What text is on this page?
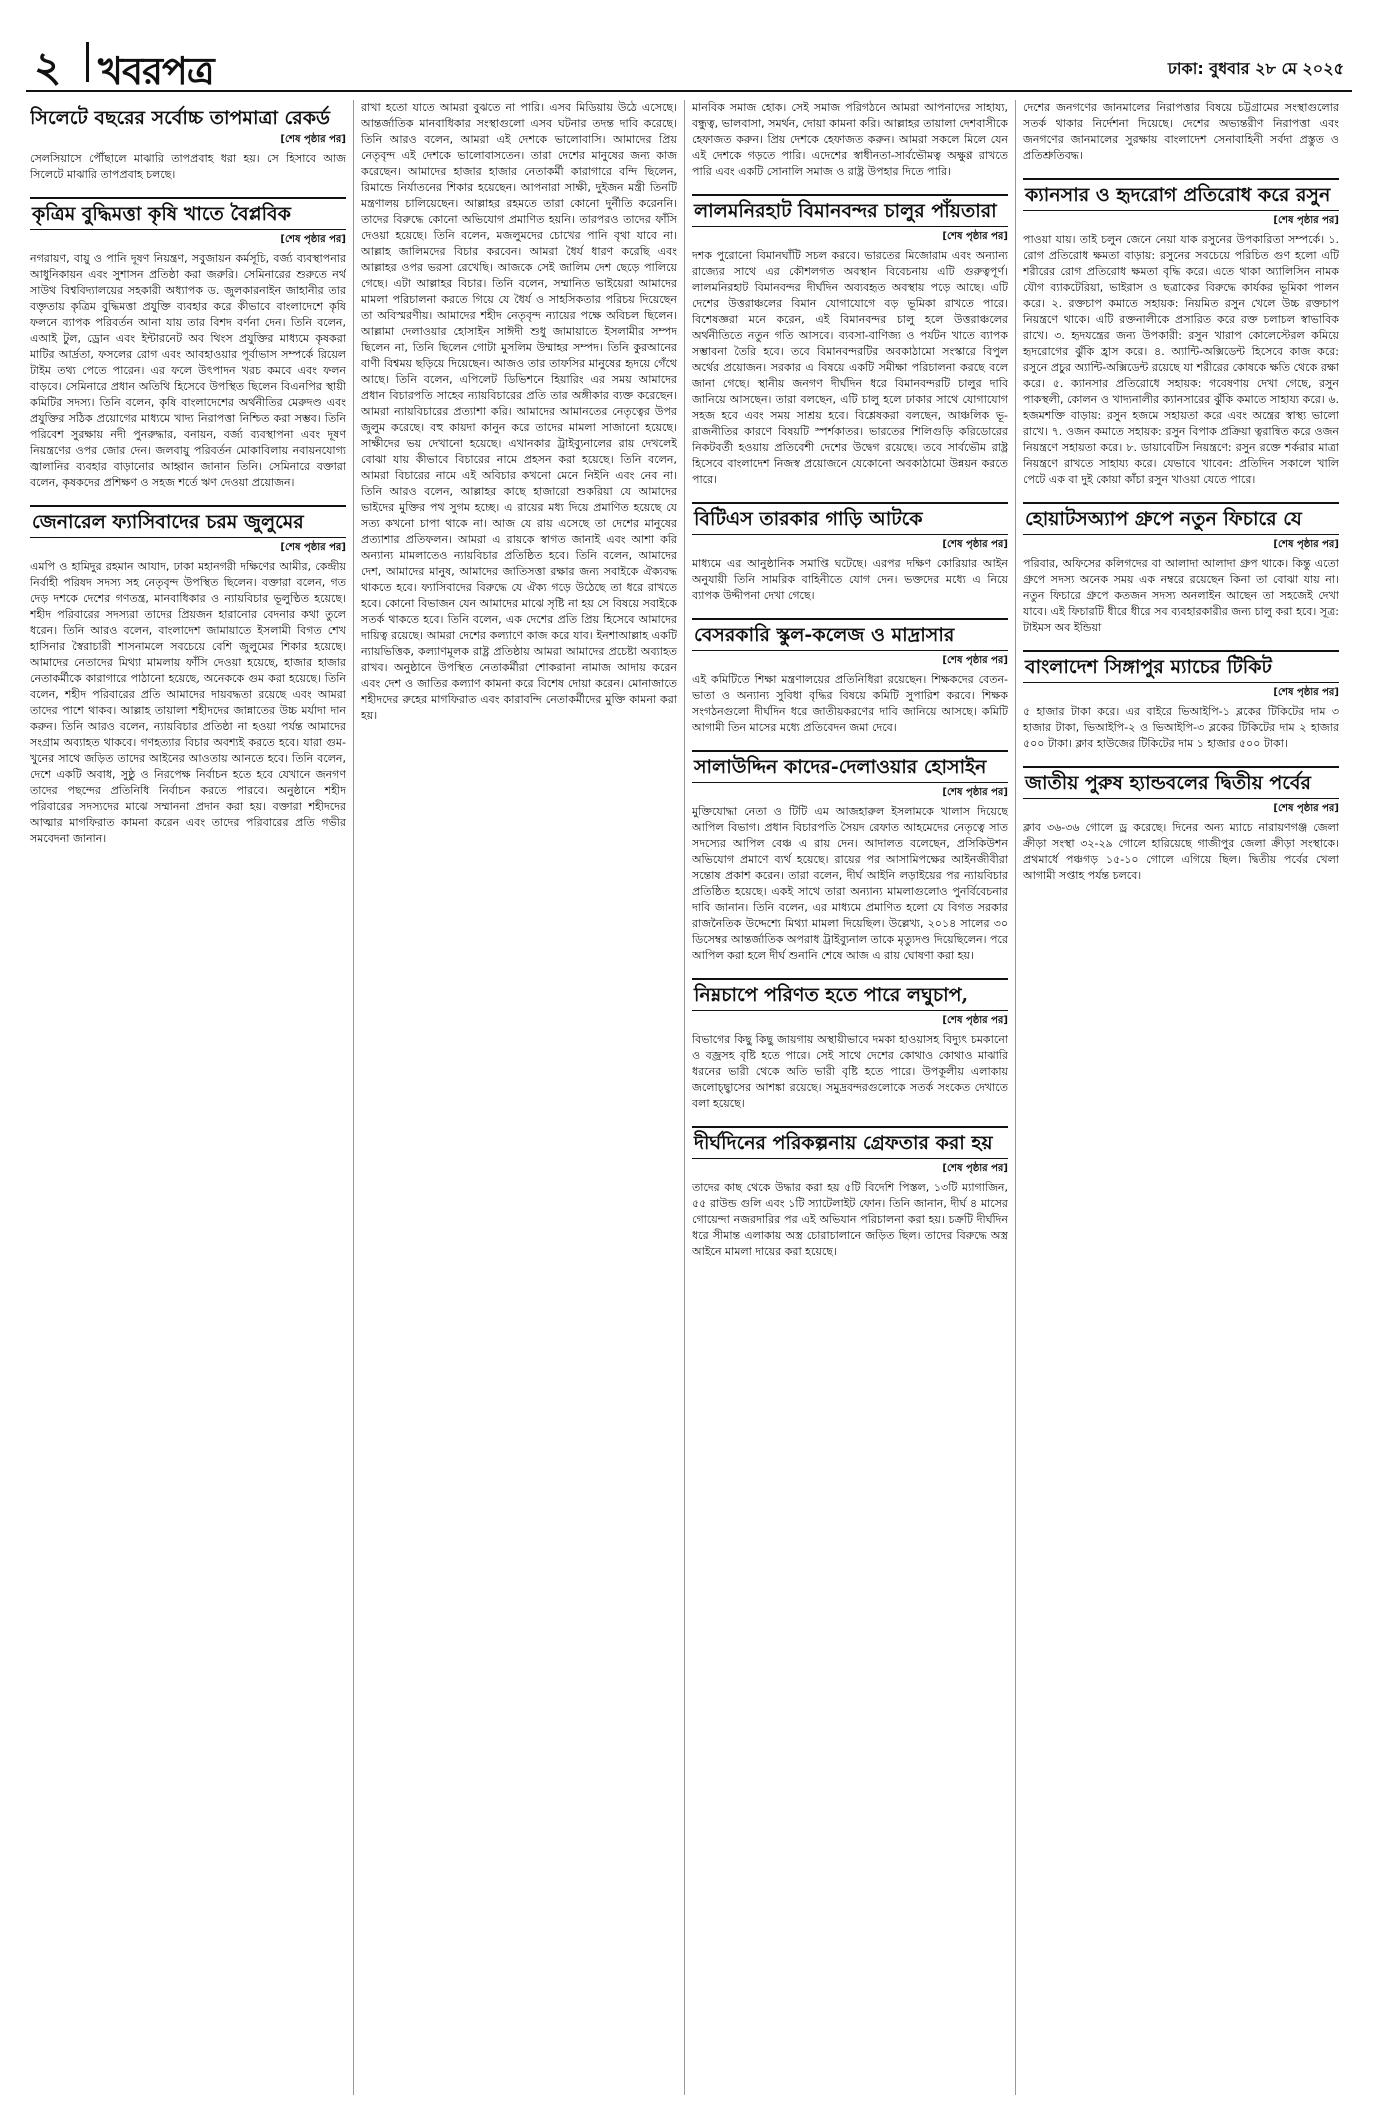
২ খবরপত্র	ঢাকা: বুধবার ২৮ মে ২০২৫
সিলেটে বছরের সর্বোচ্চ তাপমাত্রা রেকর্ড
[শেষ পৃষ্ঠার পর]
সেলসিয়াসে পৌঁছালে মাঝারি তাপপ্রবাহ ধরা হয়। সে হিসাবে আজ সিলেটে মাঝারি তাপপ্রবাহ চলছে।
কৃত্রিম বুদ্ধিমত্তা কৃষি খাতে বৈপ্লবিক
[শেষ পৃষ্ঠার পর]
নগরায়ণ, বায়ু ও পানি দূষণ নিয়ন্ত্রণ, সবুজায়ন কর্মসূচি, বর্জ্য ব্যবস্থাপনার আধুনিকায়ন এবং সুশাসন প্রতিষ্ঠা করা জরুরি। সেমিনারের শুরুতে নর্থ সাউথ বিশ্ববিদ্যালয়ের সহকারী অধ্যাপক ড. জুলকারনাইন জাহানীর তার বক্তৃতায় কৃত্রিম বুদ্ধিমত্তা প্রযুক্তি ব্যবহার করে কীভাবে বাংলাদেশে কৃষি ফলনে ব্যাপক পরিবর্তন আনা যায় তার বিশদ বর্ণনা দেন। তিনি বলেন, এআই টুল, ড্রোন এবং ইন্টারনেট অব থিংস প্রযুক্তির মাধ্যমে কৃষকরা মাটির আর্দ্রতা, ফসলের রোগ এবং আবহাওয়ার পূর্বাভাস সম্পর্কে রিয়েল টাইম তথ্য পেতে পারেন। এর ফলে উৎপাদন খরচ কমবে এবং ফলন বাড়বে। সেমিনারে প্রধান অতিথি হিসেবে উপস্থিত ছিলেন বিএনপির স্থায়ী কমিটির সদস্য। তিনি বলেন, কৃষি বাংলাদেশের অর্থনীতির মেরুদণ্ড এবং প্রযুক্তির সঠিক প্রয়োগের মাধ্যমে খাদ্য নিরাপত্তা নিশ্চিত করা সম্ভব। তিনি পরিবেশ সুরক্ষায় নদী পুনরুদ্ধার, বনায়ন, বর্জ্য ব্যবস্থাপনা এবং দূষণ নিয়ন্ত্রণের ওপর জোর দেন। জলবায়ু পরিবর্তন মোকাবিলায় নবায়নযোগ্য জ্বালানির ব্যবহার বাড়ানোর আহ্বান জানান তিনি। সেমিনারে বক্তারা বলেন, কৃষকদের প্রশিক্ষণ ও সহজ শর্তে ঋণ দেওয়া প্রয়োজন।
জেনারেল ফ্যাসিবাদের চরম জুলুমের
[শেষ পৃষ্ঠার পর]
এমপি ও হামিদুর রহমান আযাদ, ঢাকা মহানগরী দক্ষিণের আমীর, কেন্দ্রীয় নির্বাহী পরিষদ সদস্য সহ নেতৃবৃন্দ উপস্থিত ছিলেন। বক্তারা বলেন, গত দেড় দশকে দেশের গণতন্ত্র, মানবাধিকার ও ন্যায়বিচার ভূলুণ্ঠিত হয়েছে। শহীদ পরিবারের সদস্যরা তাদের প্রিয়জন হারানোর বেদনার কথা তুলে ধরেন। তিনি আরও বলেন, বাংলাদেশ জামায়াতে ইসলামী বিগত শেখ হাসিনার স্বৈরাচারী শাসনামলে সবচেয়ে বেশি জুলুমের শিকার হয়েছে। আমাদের নেতাদের মিথ্যা মামলায় ফাঁসি দেওয়া হয়েছে, হাজার হাজার নেতাকর্মীকে কারাগারে পাঠানো হয়েছে, অনেককে গুম করা হয়েছে। তিনি বলেন, শহীদ পরিবারের প্রতি আমাদের দায়বদ্ধতা রয়েছে এবং আমরা তাদের পাশে থাকব। আল্লাহ তায়ালা শহীদদের জান্নাতের উচ্চ মর্যাদা দান করুন। তিনি আরও বলেন, ন্যায়বিচার প্রতিষ্ঠা না হওয়া পর্যন্ত আমাদের সংগ্রাম অব্যাহত থাকবে। গণহত্যার বিচার অবশ্যই করতে হবে। যারা গুম-খুনের সাথে জড়িত তাদের আইনের আওতায় আনতে হবে। তিনি বলেন, দেশে একটি অবাধ, সুষ্ঠু ও নিরপেক্ষ নির্বাচন হতে হবে যেখানে জনগণ তাদের পছন্দের প্রতিনিধি নির্বাচন করতে পারবে। অনুষ্ঠানে শহীদ পরিবারের সদস্যদের মাঝে সম্মাননা প্রদান করা হয়। বক্তারা শহীদদের আত্মার মাগফিরাত কামনা করেন এবং তাদের পরিবারের প্রতি গভীর সমবেদনা জানান।
রাখা হতো যাতে আমরা বুঝতে না পারি। এসব মিডিয়ায় উঠে এসেছে। আন্তর্জাতিক মানবাধিকার সংস্থাগুলো এসব ঘটনার তদন্ত দাবি করেছে। তিনি আরও বলেন, আমরা এই দেশকে ভালোবাসি। আমাদের প্রিয় নেতৃবৃন্দ এই দেশকে ভালোবাসতেন। তারা দেশের মানুষের জন্য কাজ করেছেন। আমাদের হাজার হাজার নেতাকর্মী কারাগারে বন্দি ছিলেন, রিমান্ডে নির্যাতনের শিকার হয়েছেন। আপনারা সাক্ষী, দুইজন মন্ত্রী তিনটি মন্ত্রণালয় চালিয়েছেন। আল্লাহর রহমতে তারা কোনো দুর্নীতি করেননি। তাদের বিরুদ্ধে কোনো অভিযোগ প্রমাণিত হয়নি। তারপরও তাদের ফাঁসি দেওয়া হয়েছে। তিনি বলেন, মজলুমদের চোখের পানি বৃথা যাবে না। আল্লাহ জালিমদের বিচার করবেন। আমরা ধৈর্য ধারণ করেছি এবং আল্লাহর ওপর ভরসা রেখেছি। আজকে সেই জালিম দেশ ছেড়ে পালিয়ে গেছে। এটা আল্লাহর বিচার। তিনি বলেন, সম্মানিত ভাইয়েরা আমাদের মামলা পরিচালনা করতে গিয়ে যে ধৈর্য ও সাহসিকতার পরিচয় দিয়েছেন তা অবিস্মরণীয়। আমাদের শহীদ নেতৃবৃন্দ ন্যায়ের পক্ষে অবিচল ছিলেন। আল্লামা দেলাওয়ার হোসাইন সাঈদী শুধু জামায়াতে ইসলামীর সম্পদ ছিলেন না, তিনি ছিলেন গোটা মুসলিম উম্মাহর সম্পদ। তিনি কুরআনের বাণী বিশ্বময় ছড়িয়ে দিয়েছেন। আজও তার তাফসির মানুষের হৃদয়ে গেঁথে আছে। তিনি বলেন, এপিলেট ডিভিশনে হিয়ারিং এর সময় আমাদের প্রধান বিচারপতি সাহেব ন্যায়বিচারের প্রতি তার অঙ্গীকার ব্যক্ত করেছেন। আমরা ন্যায়বিচারের প্রত্যাশা করি। আমাদের আমানতের নেতৃত্বের উপর জুলুম করেছে। বহু কায়দা কানুন করে তাদের মামলা সাজানো হয়েছে। সাক্ষীদের ভয় দেখানো হয়েছে। এখানকার ট্রাইব্যুনালের রায় দেখলেই বোঝা যায় কীভাবে বিচারের নামে প্রহসন করা হয়েছে। তিনি বলেন, আমরা বিচারের নামে এই অবিচার কখনো মেনে নিইনি এবং নেব না। তিনি আরও বলেন, আল্লাহর কাছে হাজারো শুকরিয়া যে আমাদের ভাইদের মুক্তির পথ সুগম হচ্ছে। এ রায়ের মধ্য দিয়ে প্রমাণিত হয়েছে যে সত্য কখনো চাপা থাকে না। আজ যে রায় এসেছে তা দেশের মানুষের প্রত্যাশার প্রতিফলন। আমরা এ রায়কে স্বাগত জানাই এবং আশা করি অন্যান্য মামলাতেও ন্যায়বিচার প্রতিষ্ঠিত হবে। তিনি বলেন, আমাদের দেশ, আমাদের মানুষ, আমাদের জাতিসত্তা রক্ষার জন্য সবাইকে ঐক্যবদ্ধ থাকতে হবে। ফ্যাসিবাদের বিরুদ্ধে যে ঐক্য গড়ে উঠেছে তা ধরে রাখতে হবে। কোনো বিভাজন যেন আমাদের মাঝে সৃষ্টি না হয় সে বিষয়ে সবাইকে সতর্ক থাকতে হবে। তিনি বলেন, এক দেশের প্রতি প্রিয় হিসেবে আমাদের দায়িত্ব রয়েছে। আমরা দেশের কল্যাণে কাজ করে যাব। ইনশাআল্লাহ একটি ন্যায়ভিত্তিক, কল্যাণমূলক রাষ্ট্র প্রতিষ্ঠায় আমরা আমাদের প্রচেষ্টা অব্যাহত রাখব। অনুষ্ঠানে উপস্থিত নেতাকর্মীরা শোকরানা নামাজ আদায় করেন এবং দেশ ও জাতির কল্যাণ কামনা করে বিশেষ দোয়া করেন। মোনাজাতে শহীদদের রুহের মাগফিরাত এবং কারাবন্দি নেতাকর্মীদের মুক্তি কামনা করা হয়।
মানবিক সমাজ হোক। সেই সমাজ পরিগঠনে আমরা আপনাদের সাহায্য, বন্ধুত্ব, ভালবাসা, সমর্থন, দোয়া কামনা করি। আল্লাহর তায়ালা দেশবাসীকে হেফাজত করুন। প্রিয় দেশকে হেফাজত করুন। আমরা সকলে মিলে যেন এই দেশকে গড়তে পারি। এদেশের স্বাধীনতা-সার্বভৌমত্ব অক্ষুণ্ণ রাখতে পারি এবং একটি সোনালি সমাজ ও রাষ্ট্র উপহার দিতে পারি।
লালমনিরহাট বিমানবন্দর চালুর পাঁয়তারা
[শেষ পৃষ্ঠার পর]
দশক পুরোনো বিমানঘাঁটি সচল করবে। ভারতের মিজোরাম এবং অন্যান্য রাজ্যের সাথে এর কৌশলগত অবস্থান বিবেচনায় এটি গুরুত্বপূর্ণ। লালমনিরহাট বিমানবন্দর দীর্ঘদিন অব্যবহৃত অবস্থায় পড়ে আছে। এটি দেশের উত্তরাঞ্চলের বিমান যোগাযোগে বড় ভূমিকা রাখতে পারে। বিশেষজ্ঞরা মনে করেন, এই বিমানবন্দর চালু হলে উত্তরাঞ্চলের অর্থনীতিতে নতুন গতি আসবে। ব্যবসা-বাণিজ্য ও পর্যটন খাতে ব্যাপক সম্ভাবনা তৈরি হবে। তবে বিমানবন্দরটির অবকাঠামো সংস্কারে বিপুল অর্থের প্রয়োজন। সরকার এ বিষয়ে একটি সমীক্ষা পরিচালনা করছে বলে জানা গেছে। স্থানীয় জনগণ দীর্ঘদিন ধরে বিমানবন্দরটি চালুর দাবি জানিয়ে আসছেন। তারা বলছেন, এটি চালু হলে ঢাকার সাথে যোগাযোগ সহজ হবে এবং সময় সাশ্রয় হবে। বিশ্লেষকরা বলছেন, আঞ্চলিক ভূ-রাজনীতির কারণে বিষয়টি স্পর্শকাতর। ভারতের শিলিগুড়ি করিডোরের নিকটবর্তী হওয়ায় প্রতিবেশী দেশের উদ্বেগ রয়েছে। তবে সার্বভৌম রাষ্ট্র হিসেবে বাংলাদেশ নিজস্ব প্রয়োজনে যেকোনো অবকাঠামো উন্নয়ন করতে পারে।
বিটিএস তারকার গাড়ি আটকে
[শেষ পৃষ্ঠার পর]
মাধ্যমে এর আনুষ্ঠানিক সমাপ্তি ঘটেছে। এরপর দক্ষিণ কোরিয়ার আইন অনুযায়ী তিনি সামরিক বাহিনীতে যোগ দেন। ভক্তদের মধ্যে এ নিয়ে ব্যাপক উদ্দীপনা দেখা গেছে।
বেসরকারি স্কুল-কলেজ ও মাদ্রাসার
[শেষ পৃষ্ঠার পর]
এই কমিটিতে শিক্ষা মন্ত্রণালয়ের প্রতিনিধিরা রয়েছেন। শিক্ষকদের বেতন-ভাতা ও অন্যান্য সুবিধা বৃদ্ধির বিষয়ে কমিটি সুপারিশ করবে। শিক্ষক সংগঠনগুলো দীর্ঘদিন ধরে জাতীয়করণের দাবি জানিয়ে আসছে। কমিটি আগামী তিন মাসের মধ্যে প্রতিবেদন জমা দেবে।
সালাউদ্দিন কাদের-দেলাওয়ার হোসাইন
[শেষ পৃষ্ঠার পর]
মুক্তিযোদ্ধা নেতা ও টিটি এম আজহারুল ইসলামকে খালাস দিয়েছে আপিল বিভাগ। প্রধান বিচারপতি সৈয়দ রেফাত আহমেদের নেতৃত্বে সাত সদস্যের আপিল বেঞ্চ এ রায় দেন। আদালত বলেছেন, প্রসিকিউশন অভিযোগ প্রমাণে ব্যর্থ হয়েছে। রায়ের পর আসামিপক্ষের আইনজীবীরা সন্তোষ প্রকাশ করেন। তারা বলেন, দীর্ঘ আইনি লড়াইয়ের পর ন্যায়বিচার প্রতিষ্ঠিত হয়েছে। একই সাথে তারা অন্যান্য মামলাগুলোও পুনর্বিবেচনার দাবি জানান। তিনি বলেন, এর মাধ্যমে প্রমাণিত হলো যে বিগত সরকার রাজনৈতিক উদ্দেশ্যে মিথ্যা মামলা দিয়েছিল। উল্লেখ্য, ২০১৪ সালের ৩০ ডিসেম্বর আন্তর্জাতিক অপরাধ ট্রাইব্যুনাল তাকে মৃত্যুদণ্ড দিয়েছিলেন। পরে আপিল করা হলে দীর্ঘ শুনানি শেষে আজ এ রায় ঘোষণা করা হয়।
নিম্নচাপে পরিণত হতে পারে লঘুচাপ,
[শেষ পৃষ্ঠার পর]
বিভাগের কিছু কিছু জায়গায় অস্থায়ীভাবে দমকা হাওয়াসহ বিদ্যুৎ চমকানো ও বজ্রসহ বৃষ্টি হতে পারে। সেই সাথে দেশের কোথাও কোথাও মাঝারি ধরনের ভারী থেকে অতি ভারী বৃষ্টি হতে পারে। উপকূলীয় এলাকায় জলোচ্ছ্বাসের আশঙ্কা রয়েছে। সমুদ্রবন্দরগুলোকে সতর্ক সংকেত দেখাতে বলা হয়েছে।
দীর্ঘদিনের পরিকল্পনায় গ্রেফতার করা হয়
[শেষ পৃষ্ঠার পর]
তাদের কাছ থেকে উদ্ধার করা হয় ৫টি বিদেশি পিস্তল, ১৩টি ম্যাগাজিন, ৫৫ রাউন্ড গুলি এবং ১টি স্যাটেলাইট ফোন। তিনি জানান, দীর্ঘ ৪ মাসের গোয়েন্দা নজরদারির পর এই অভিযান পরিচালনা করা হয়। চক্রটি দীর্ঘদিন ধরে সীমান্ত এলাকায় অস্ত্র চোরাচালানে জড়িত ছিল। তাদের বিরুদ্ধে অস্ত্র আইনে মামলা দায়ের করা হয়েছে।
দেশের জনগণের জানমালের নিরাপত্তার বিষয়ে চট্টগ্রামের সংস্থাগুলোর সতর্ক থাকার নির্দেশনা দিয়েছে। দেশের অভ্যন্তরীণ নিরাপত্তা এবং জনগণের জানমালের সুরক্ষায় বাংলাদেশ সেনাবাহিনী সর্বদা প্রস্তুত ও প্রতিশ্রুতিবদ্ধ।
ক্যানসার ও হৃদরোগ প্রতিরোধ করে রসুন
[শেষ পৃষ্ঠার পর]
পাওয়া যায়। তাই চলুন জেনে নেয়া যাক রসুনের উপকারিতা সম্পর্কে। ১. রোগ প্রতিরোধ ক্ষমতা বাড়ায়: রসুনের সবচেয়ে পরিচিত গুণ হলো এটি শরীরের রোগ প্রতিরোধ ক্ষমতা বৃদ্ধি করে। এতে থাকা অ্যালিসিন নামক যৌগ ব্যাকটেরিয়া, ভাইরাস ও ছত্রাকের বিরুদ্ধে কার্যকর ভূমিকা পালন করে। ২. রক্তচাপ কমাতে সহায়ক: নিয়মিত রসুন খেলে উচ্চ রক্তচাপ নিয়ন্ত্রণে থাকে। এটি রক্তনালীকে প্রসারিত করে রক্ত চলাচল স্বাভাবিক রাখে। ৩. হৃদযন্ত্রের জন্য উপকারী: রসুন খারাপ কোলেস্টেরল কমিয়ে হৃদরোগের ঝুঁকি হ্রাস করে। ৪. অ্যান্টি-অক্সিডেন্ট হিসেবে কাজ করে: রসুনে প্রচুর অ্যান্টি-অক্সিডেন্ট রয়েছে যা শরীরের কোষকে ক্ষতি থেকে রক্ষা করে। ৫. ক্যানসার প্রতিরোধে সহায়ক: গবেষণায় দেখা গেছে, রসুন পাকস্থলী, কোলন ও খাদ্যনালীর ক্যানসারের ঝুঁকি কমাতে সাহায্য করে। ৬. হজমশক্তি বাড়ায়: রসুন হজমে সহায়তা করে এবং অন্ত্রের স্বাস্থ্য ভালো রাখে। ৭. ওজন কমাতে সহায়ক: রসুন বিপাক প্রক্রিয়া ত্বরান্বিত করে ওজন নিয়ন্ত্রণে সহায়তা করে। ৮. ডায়াবেটিস নিয়ন্ত্রণে: রসুন রক্তে শর্করার মাত্রা নিয়ন্ত্রণে রাখতে সাহায্য করে। যেভাবে খাবেন: প্রতিদিন সকালে খালি পেটে এক বা দুই কোয়া কাঁচা রসুন খাওয়া যেতে পারে।
হোয়াটসঅ্যাপ গ্রুপে নতুন ফিচারে যে
[শেষ পৃষ্ঠার পর]
পরিবার, অফিসের কলিগদের বা আলাদা আলাদা গ্রুপ থাকে। কিন্তু এতো গ্রুপে সদস্য অনেক সময় এক নম্বরে রয়েছেন কিনা তা বোঝা যায় না। নতুন ফিচারে গ্রুপে কতজন সদস্য অনলাইন আছেন তা সহজেই দেখা যাবে। এই ফিচারটি ধীরে ধীরে সব ব্যবহারকারীর জন্য চালু করা হবে। সূত্র: টাইমস অব ইন্ডিয়া
বাংলাদেশ সিঙ্গাপুর ম্যাচের টিকিট
[শেষ পৃষ্ঠার পর]
৫ হাজার টাকা করে। এর বাইরে ভিআইপি-১ ব্লকের টিকিটের দাম ৩ হাজার টাকা, ভিআইপি-২ ও ভিআইপি-৩ ব্লকের টিকিটের দাম ২ হাজার ৫০০ টাকা। ক্লাব হাউজের টিকিটের দাম ১ হাজার ৫০০ টাকা।
জাতীয় পুরুষ হ্যান্ডবলের দ্বিতীয় পর্বের
[শেষ পৃষ্ঠার পর]
ক্লাব ৩৬-৩৬ গোলে ড্র করেছে। দিনের অন্য ম্যাচে নারায়ণগঞ্জ জেলা ক্রীড়া সংস্থা ৩২-২৯ গোলে হারিয়েছে গাজীপুর জেলা ক্রীড়া সংস্থাকে। প্রথমার্ধে পঞ্চগড় ১৫-১০ গোলে এগিয়ে ছিল। দ্বিতীয় পর্বের খেলা আগামী সপ্তাহ পর্যন্ত চলবে।
